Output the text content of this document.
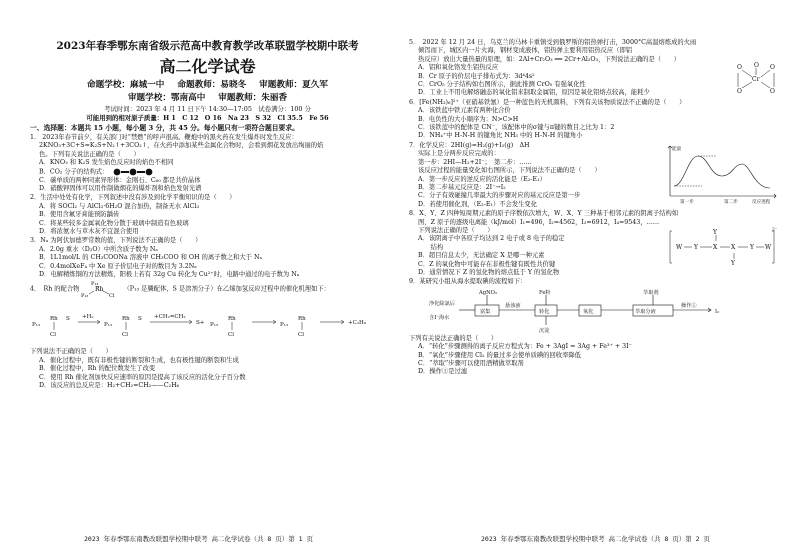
2023年春季鄂东南省级示范高中教育教学改革联盟学校期中联考
高二化学试卷
命题学校：麻城一中 命题教师：易晓冬 审题教师：夏久军
审题学校：鄂南高中 审题教师：朱丽香
考试时间：2023 年 4 月 11 日下午 14:30—17:05　试卷满分：100 分
可能用到的相对原子质量：H 1　C 12　O 16　Na 23　S 32　Cl 35.5　Fe 56
一、选择题：本题共 15 小题，每小题 3 分，共 45 分。每小题只有一项符合题目要求。

1.　2023年春节前夕，有关部门对“禁燃”的呼声很高。鞭炮中的黑火药在发生爆炸时发生反应：

2KNO₃+3C+S=K₂S+N₂↑+3CO₂↑，在火药中添加某些金属化合物时，会看到烟花发放出绚丽的焰

色。下列有关说法正确的是（　　）

A．KNO₃ 和 K₂S 发生焰色反应时的焰色不相同

B．CO₂ 分子的结构式：

C．碳单质的两种同素异形体：金刚石、C₆₀ 都是共价晶体

D．硝酸钾固体可以用作制做烟花的爆炸剂和焰色发射光谱

2．生活中处处有化学，下列叙述中没有涉及到化学平衡知识的是（　　）

A．将 SOCl₂ 与 AlCl₃·6H₂O 混合加热，制备无水 AlCl₃

B．使用含氟牙膏能预防龋齿

C．将某些较多金属氧化物分散于玻璃中制造有色玻璃

D．将浓氨水与草木灰不宜混合使用

3．Nₐ 为阿伏加德罗常数的值，下列说法不正确的是（　　）

A．2.0g 重水（D₂O）中所含质子数为 Nₐ

B．1L1mol/L 的 CH₃COONa 溶液中 CH₃COO 和 OH 的离子数之和大于 Nₐ

C．0.4molXeF₄ 中 Xe 原子价层电子对的数目为 3.2Nₐ

D．电解精炼铜的方法精炼，阳极上若有 32g Cu 转化为 Cu²⁺时，电路中通过的电子数为 Nₐ

4．　Rh 的配合物
P₁₃
Rh
P₁₃	Cl
（P₁₃ 是膦配体，S 是溶剂分子）在乙烯加氢反应过程中的催化机理如下：

P₁₃
Rh
Cl
S +H₂
P₁₃
Rh
Cl
S +CH₂=CH₂
S+ P₁₃
Rh
Cl
P₁₃
Rh
Cl
+C₂H₆

下列说法不正确的是（　　）

A．催化过程中，既有非极性键的断裂和生成，也有极性键的断裂和生成

B．催化过程中，Rh 的配位数发生了改变

C．使用 Rh 催化剂加快反应速率的原因是提高了该反应的活化分子百分数

D．该反应的总反应是：H₂+CH₂=CH₂——C₂H₆

2023 年春季鄂东南教改联盟学校期中联考 高二化学试卷（共 8 页）第 1 页
O	O
Cr
O	O
O

5．　2022 年 12 月 24 日，乌克兰的马林卡重镇受到俄罗斯的铝热弹打击，3000°C高温熔炼成的火雨

倾泻而下，城区内一片火海，钢材变成液体，铝热弹主要利用铝热反应（即铝

热反应）放出大量热量的原理，如：2Al+Cr₂O₃ ══ 2Cr+Al₂O₃，下列说法正确的是（　　）

A．铝和氧化铬发生铝热反应

B．Cr 原子的价层电子排布式为：3d⁴4s²

C．CrO₅ 分子结构如右图所示，据此推测 CrO₅ 有强氧化性

D．工业上不用电解熔融态的氧化铝来制取金属铝，原因是氧化铝熔点较高，能耗少

6．[Fe(NH₃)₆]²⁺（亚硝基铁氰）是一种蓝色的无机颜料，下列有关该物质说法不正确的是（　　）

A．该铁蓝中铁元素有两种化合价

B．电负性的大小顺序为：N>C>H

C．该铁蓝中的配体是 CN⁻，该配体中的σ键与π键的数目之比为 1：2

D．NH₄⁺中 H-N-H 的键角比 NH₃ 中的 H-N-H 的键角小

能量
第一步	第二步	反应进程

7．化学反应：2HI(g)=H₂(g)+I₂(g)　ΔH

实际上是分两步反应完成的：

第一步：2HI—H₂+2I⁻；　第二步：……

该反应过程的能量变化如右图所示，下列说法不正确的是（　　）

A．第一步反应的逆反应的活化能是（E₂-E₁）

B．第二步基元反应是：2I⁻→I₂

C．分子有效碰撞几率最大的步骤对应的基元反应是第一步

D．若使用催化剂，（E₂-E₁）不会发生变化

8．X、Y、Z 四种短周期元素的原子序数依次增大，W、X、Y 三种基于相邻元素的阴离子结构如

图，Z 原子的逐级电离能（kJ/mol）I₁=496，I₂=4562，I₃=6912，I₄=9543，……

W Y	X X Y W
Y
Y
2⁻

下列说法正确的是（　　）

A．该阴离子中各原子均达到 2 电子或 8 电子的稳定

　　结构

B．超目信息太少，无法确定 X 是哪一种元素

C．Z 的氧化物中可能存在非极性键有既性共价键

D．通常情况下 Z 的氢化物的熔点低于 Y 的氢化物

9．某研究小组从海水提取碘的流程如下：

AgNO₃
净化除氯后
含I⁻海水
富集
悬浊液
转化
Fe粉
沉淀
氧化
萃取剂
萃取分液
操作①
I₂

下列有关说法正确的是（　　）

A．“转化”步骤测得的离子反应方程式为：Fe + 3AgI = 3Ag + Fe³⁺ + 3I⁻

B．“氧化”步骤使用 Cl₂ 的量过多会使单质碘的回收率降低

C．“萃取”步骤可以使用酒精做萃取剂

D．操作①是过滤

2023 年春季鄂东南教改联盟学校期中联考 高二化学试卷（共 8 页）第 2 页
